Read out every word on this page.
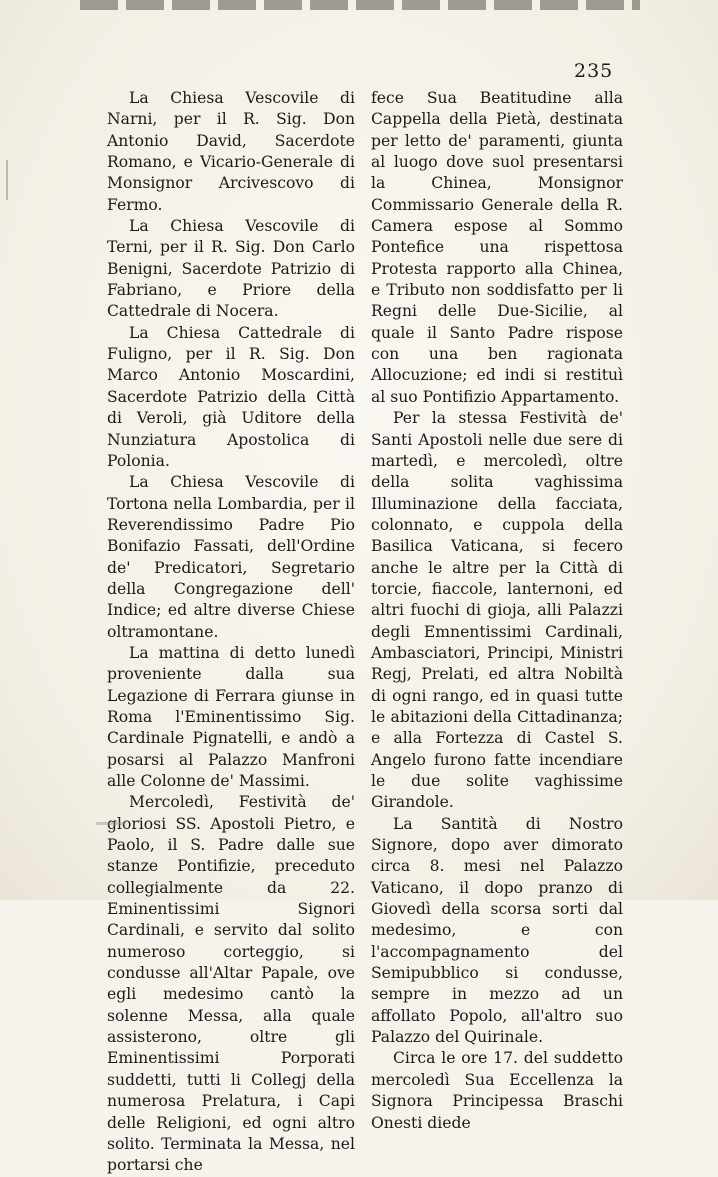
235

La Chiesa Vescovile di Narni, per il R. Sig. Don Antonio David, Sacerdote Romano, e Vicario-Generale di Monsignor Arcivescovo di Fermo.

La Chiesa Vescovile di Terni, per il R. Sig. Don Carlo Benigni, Sacerdote Patrizio di Fabriano, e Priore della Cattedrale di Nocera.

La Chiesa Cattedrale di Fuligno, per il R. Sig. Don Marco Antonio Moscardini, Sacerdote Patrizio della Città di Veroli, già Uditore della Nunziatura Apostolica di Polonia.

La Chiesa Vescovile di Tortona nella Lombardia, per il Reverendissimo Padre Pio Bonifazio Fassati, dell'Ordine de' Predicatori, Segretario della Congregazione dell' Indice; ed altre diverse Chiese oltramontane.

La mattina di detto lunedì proveniente dalla sua Legazione di Ferrara giunse in Roma l'Eminentissimo Sig. Cardinale Pignatelli, e andò a posarsi al Palazzo Manfroni alle Colonne de' Massimi.

Mercoledì, Festività de' gloriosi SS. Apostoli Pietro, e Paolo, il S. Padre dalle sue stanze Pontifizie, preceduto collegialmente da 22. Eminentissimi Signori Cardinali, e servito dal solito numeroso corteggio, si condusse all'Altar Papale, ove egli medesimo cantò la solenne Messa, alla quale assisterono, oltre gli Eminentissimi Porporati suddetti, tutti li Collegj della numerosa Prelatura, i Capi delle Religioni, ed ogni altro solito. Terminata la Messa, nel portarsi che

fece Sua Beatitudine alla Cappella della Pietà, destinata per letto de' paramenti, giunta al luogo dove suol presentarsi la Chinea, Monsignor Commissario Generale della R. Camera espose al Sommo Pontefice una rispettosa Protesta rapporto alla Chinea, e Tributo non soddisfatto per li Regni delle Due-Sicilie, al quale il Santo Padre rispose con una ben ragionata Allocuzione; ed indi si restituì al suo Pontifizio Appartamento.

Per la stessa Festività de' Santi Apostoli nelle due sere di martedì, e mercoledì, oltre della solita vaghissima Illuminazione della facciata, colonnato, e cuppola della Basilica Vaticana, si fecero anche le altre per la Città di torcie, fiaccole, lanternoni, ed altri fuochi di gioja, alli Palazzi degli Emnentissimi Cardinali, Ambasciatori, Principi, Ministri Regj, Prelati, ed altra Nobiltà di ogni rango, ed in quasi tutte le abitazioni della Cittadinanza; e alla Fortezza di Castel S. Angelo furono fatte incendiare le due solite vaghissime Girandole.

La Santità di Nostro Signore, dopo aver dimorato circa 8. mesi nel Palazzo Vaticano, il dopo pranzo di Giovedì della scorsa sorti dal medesimo, e con l'accompagnamento del Semipubblico si condusse, sempre in mezzo ad un affollato Popolo, all'altro suo Palazzo del Quirinale.

Circa le ore 17. del suddetto mercoledì Sua Eccellenza la Signora Principessa Braschi Onesti diede
